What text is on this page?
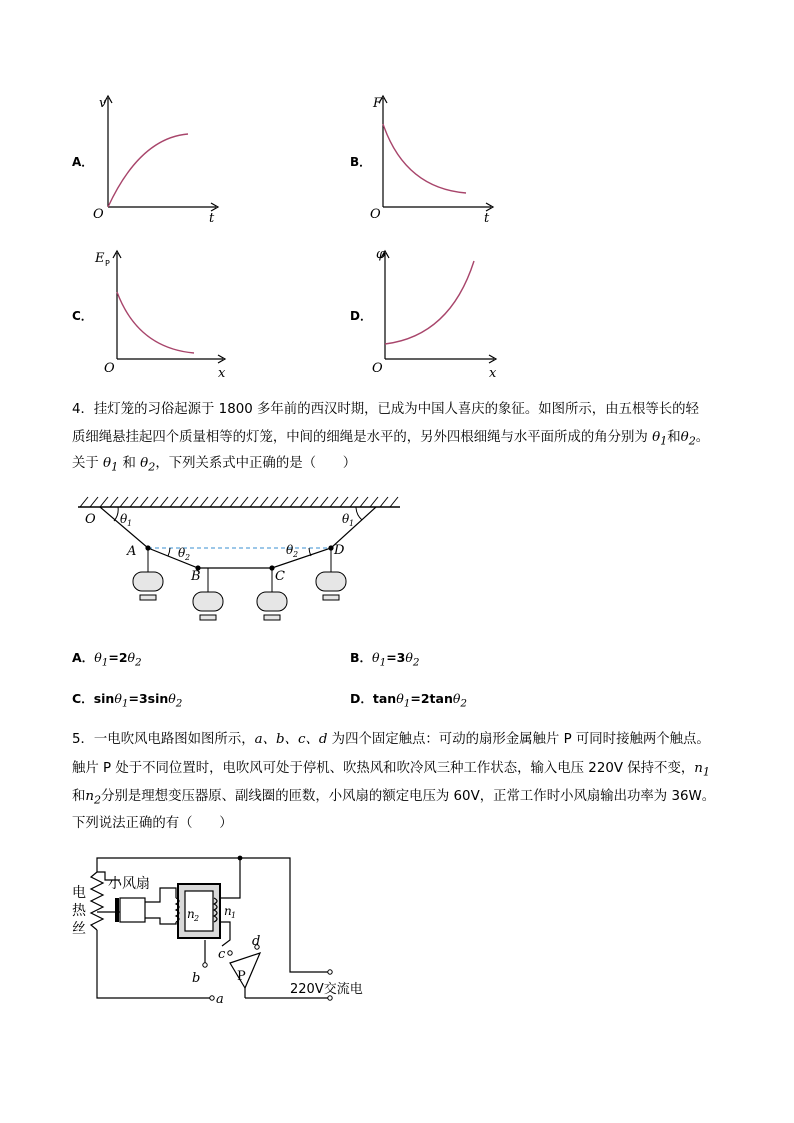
A．	B．
C．	D．
v
O	t
F
O	t
E P
O	x
φ
O	x
4．挂灯笼的习俗起源于 1800 多年前的西汉时期，已成为中国人喜庆的象征。如图所示，由五根等长的轻
质细绳悬挂起四个质量相等的灯笼，中间的细绳是水平的，另外四根细绳与水平面所成的角分别为 $\theta_1$和$\theta_2$。
关于 $\theta_1$ 和 $\theta_2$，下列关系式中正确的是（　　）
O θ 1	θ 1
A	θ 2
θ 2	D
B	C
A．$\theta_1=2\theta_2$	B．$\theta_1=3\theta_2$
C．sinθ$_1$=3sinθ$_2$	D．tanθ$_1$=2tanθ$_2$
5．一电吹风电路图如图所示，a、b、c、d 为四个固定触点：可动的扇形金属触片 P 可同时接触两个触点。
触片 P 处于不同位置时，电吹风可处于停机、吹热风和吹冷风三种工作状态，输入电压 220V 保持不变，$n_1$
和$n_2$分别是理想变压器原、副线圈的匝数，小风扇的额定电压为 60V，正常工作时小风扇输出功率为 36W。
下列说法正确的有（　　）
电
热
丝
小风扇
n 2
n 1
a
b
c
d
P
220V交流电
